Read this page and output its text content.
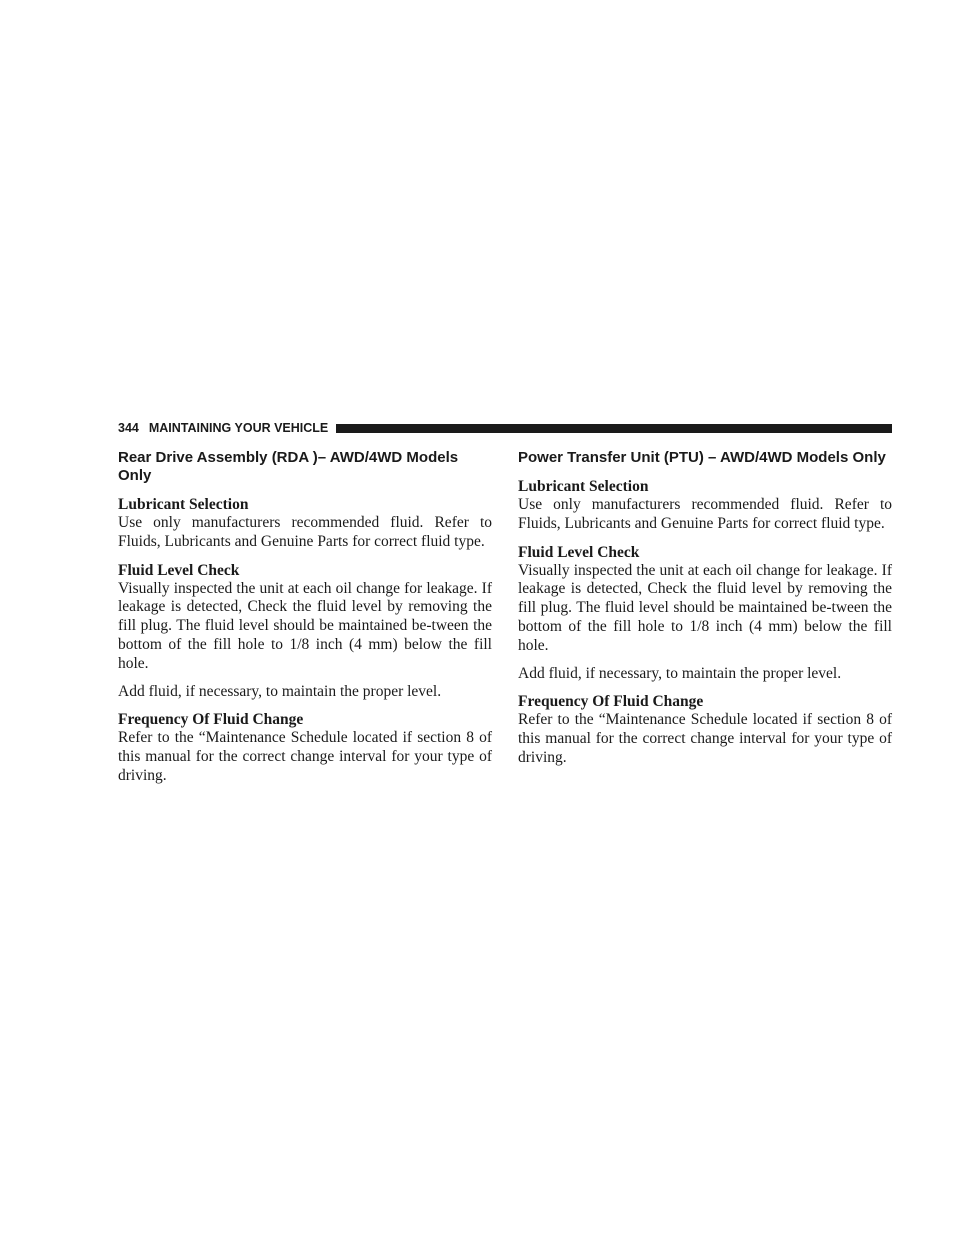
344 MAINTAINING YOUR VEHICLE
Rear Drive Assembly (RDA )– AWD/4WD Models Only

Lubricant Selection

Use only manufacturers recommended fluid. Refer to Fluids, Lubricants and Genuine Parts for correct fluid type.

Fluid Level Check

Visually inspected the unit at each oil change for leakage. If leakage is detected, Check the fluid level by removing the fill plug. The fluid level should be maintained be-tween the bottom of the fill hole to 1/8 inch (4 mm) below the fill hole.

Add fluid, if necessary, to maintain the proper level.

Frequency Of Fluid Change

Refer to the “Maintenance Schedule located if section 8 of this manual for the correct change interval for your type of driving.

Power Transfer Unit (PTU) – AWD/4WD Models Only

Lubricant Selection

Use only manufacturers recommended fluid. Refer to Fluids, Lubricants and Genuine Parts for correct fluid type.

Fluid Level Check

Visually inspected the unit at each oil change for leakage. If leakage is detected, Check the fluid level by removing the fill plug. The fluid level should be maintained be-tween the bottom of the fill hole to 1/8 inch (4 mm) below the fill hole.

Add fluid, if necessary, to maintain the proper level.

Frequency Of Fluid Change

Refer to the “Maintenance Schedule located if section 8 of this manual for the correct change interval for your type of driving.
